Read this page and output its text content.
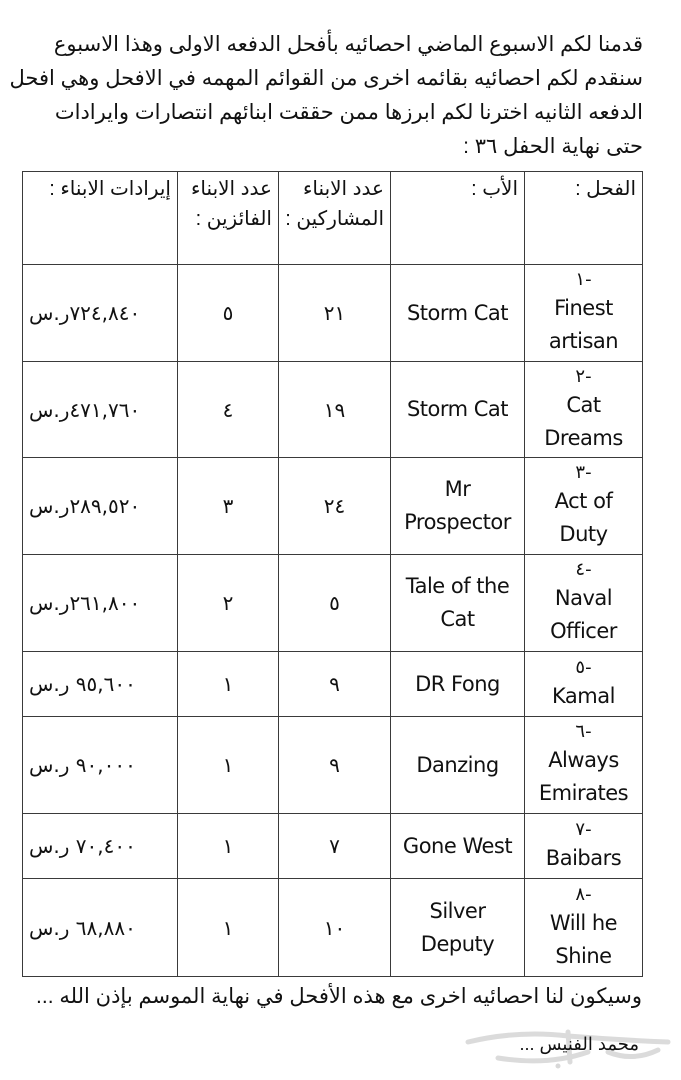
قدمنا لكم الاسبوع الماضي احصائيه بأفحل الدفعه الاولى وهذا الاسبوع

سنقدم لكم احصائيه بقائمه اخرى من القوائم المهمه في الافحل وهي افحل

الدفعه الثانيه اخترنا لكم ابرزها ممن حققت ابنائهم انتصارات وايرادات

حتى نهاية الحفل ٣٦ :

الفحل :	الأب :	عدد الابناء المشاركين :	عدد الابناء الفائزين :	إيرادات الابناء :

١-
Finest artisan	Storm Cat	٢١	٥	٧٢٤,٨٤٠ر.س

٢-
Cat Dreams	Storm Cat	١٩	٤	٤٧١,٧٦٠ر.س

٣-
Act of Duty	Mr Prospector	٢٤	٣	٢٨٩,٥٢٠ر.س

٤-
Naval Officer	Tale of the Cat	٥	٢	٢٦١,٨٠٠ر.س

٥-
Kamal	DR Fong	٩	١	٩٥,٦٠٠ ر.س

٦-
Always Emirates	Danzing	٩	١	٩٠,٠٠٠ ر.س

٧-
Baibars	Gone West	٧	١	٧٠,٤٠٠ ر.س

٨-
Will he Shine	Silver Deputy	١٠	١	٦٨,٨٨٠ ر.س
وسيكون لنا احصائيه اخرى مع هذه الأفحل في نهاية الموسم بإذن الله ...
محمد الفنيس ...
